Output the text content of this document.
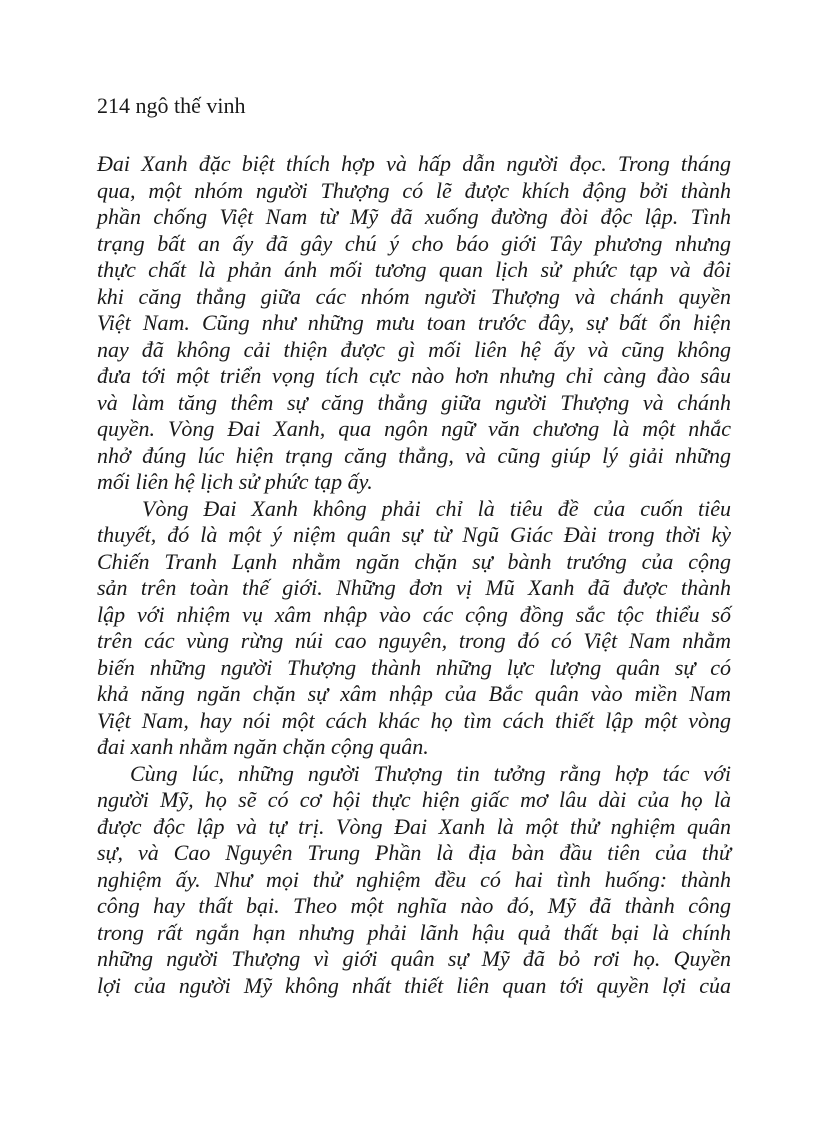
214 ngô thế vinh
Đai Xanh đặc biệt thích hợp và hấp dẫn người đọc. Trong tháng
qua, một nhóm người Thượng có lẽ được khích động bởi thành
phần chống Việt Nam từ Mỹ đã xuống đường đòi độc lập. Tình
trạng bất an ấy đã gây chú ý cho báo giới Tây phương nhưng
thực chất là phản ánh mối tương quan lịch sử phức tạp và đôi
khi căng thẳng giữa các nhóm người Thượng và chánh quyền
Việt Nam. Cũng như những mưu toan trước đây, sự bất ổn hiện
nay đã không cải thiện được gì mối liên hệ ấy và cũng không
đưa tới một triển vọng tích cực nào hơn nhưng chỉ càng đào sâu
và làm tăng thêm sự căng thẳng giữa người Thượng và chánh
quyền. Vòng Đai Xanh, qua ngôn ngữ văn chương là một nhắc
nhở đúng lúc hiện trạng căng thẳng, và cũng giúp lý giải những
mối liên hệ lịch sử phức tạp ấy.
Vòng Đai Xanh không phải chỉ là tiêu đề của cuốn tiêu
thuyết, đó là một ý niệm quân sự từ Ngũ Giác Đài trong thời kỳ
Chiến Tranh Lạnh nhằm ngăn chặn sự bành trướng của cộng
sản trên toàn thế giới. Những đơn vị Mũ Xanh đã được thành
lập với nhiệm vụ xâm nhập vào các cộng đồng sắc tộc thiểu số
trên các vùng rừng núi cao nguyên, trong đó có Việt Nam nhằm
biến những người Thượng thành những lực lượng quân sự có
khả năng ngăn chặn sự xâm nhập của Bắc quân vào miền Nam
Việt Nam, hay nói một cách khác họ tìm cách thiết lập một vòng
đai xanh nhằm ngăn chặn cộng quân.
Cùng lúc, những người Thượng tin tưởng rằng hợp tác với
người Mỹ, họ sẽ có cơ hội thực hiện giấc mơ lâu dài của họ là
được độc lập và tự trị. Vòng Đai Xanh là một thử nghiệm quân
sự, và Cao Nguyên Trung Phần là địa bàn đầu tiên của thử
nghiệm ấy. Như mọi thử nghiệm đều có hai tình huống: thành
công hay thất bại. Theo một nghĩa nào đó, Mỹ đã thành công
trong rất ngắn hạn nhưng phải lãnh hậu quả thất bại là chính
những người Thượng vì giới quân sự Mỹ đã bỏ rơi họ. Quyền
lợi của người Mỹ không nhất thiết liên quan tới quyền lợi của
